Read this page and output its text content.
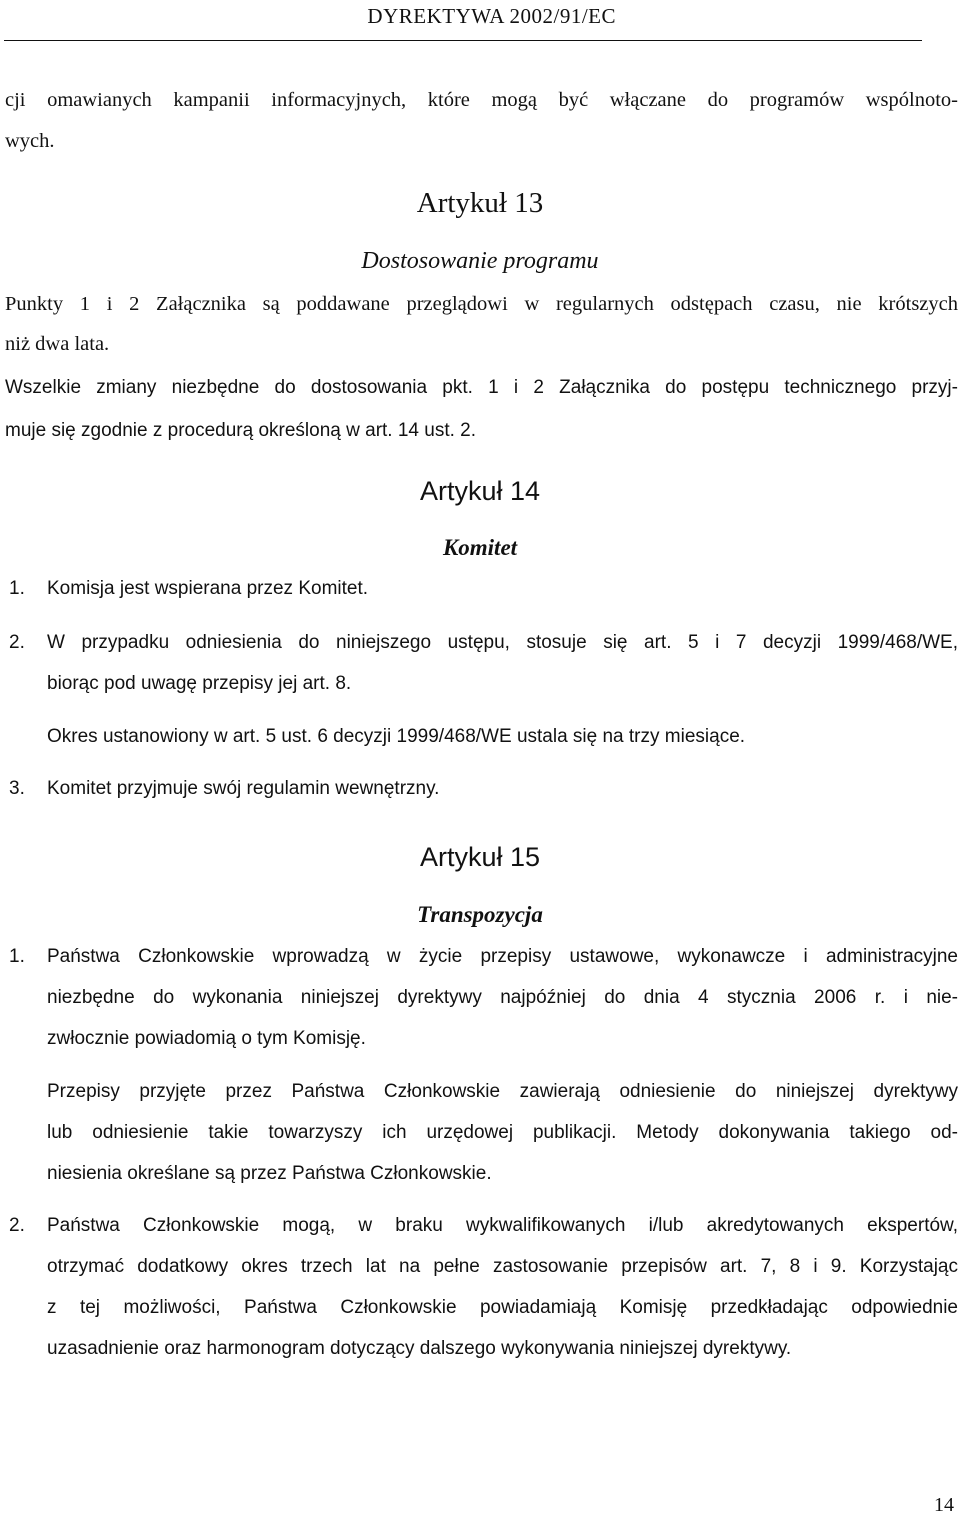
DYREKTYWA 2002/91/EC
cji omawianych kampanii informacyjnych, które mogą być włączane do programów wspólnoto-
wych.
Artykuł 13
Dostosowanie programu
Punkty 1 i 2 Załącznika są poddawane przeglądowi w regularnych odstępach czasu, nie krótszych
niż dwa lata.
Wszelkie zmiany niezbędne do dostosowania pkt. 1 i 2 Załącznika do postępu technicznego przyj-
muje się zgodnie z procedurą określoną w art. 14 ust. 2.
Artykuł 14
Komitet
1. Komisja jest wspierana przez Komitet.
2. W przypadku odniesienia do niniejszego ustępu, stosuje się art. 5 i 7 decyzji 1999/468/WE,
biorąc pod uwagę przepisy jej art. 8.
Okres ustanowiony w art. 5 ust. 6 decyzji 1999/468/WE ustala się na trzy miesiące.
3. Komitet przyjmuje swój regulamin wewnętrzny.
Artykuł 15
Transpozycja
1. Państwa Członkowskie wprowadzą w życie przepisy ustawowe, wykonawcze i administracyjne
niezbędne do wykonania niniejszej dyrektywy najpóźniej do dnia 4 stycznia 2006 r. i nie-
zwłocznie powiadomią o tym Komisję.
Przepisy przyjęte przez Państwa Członkowskie zawierają odniesienie do niniejszej dyrektywy
lub odniesienie takie towarzyszy ich urzędowej publikacji. Metody dokonywania takiego od-
niesienia określane są przez Państwa Członkowskie.
2. Państwa Członkowskie mogą, w braku wykwalifikowanych i/lub akredytowanych ekspertów,
otrzymać dodatkowy okres trzech lat na pełne zastosowanie przepisów art. 7, 8 i 9. Korzystając
z tej możliwości, Państwa Członkowskie powiadamiają Komisję przedkładając odpowiednie
uzasadnienie oraz harmonogram dotyczący dalszego wykonywania niniejszej dyrektywy.
14
